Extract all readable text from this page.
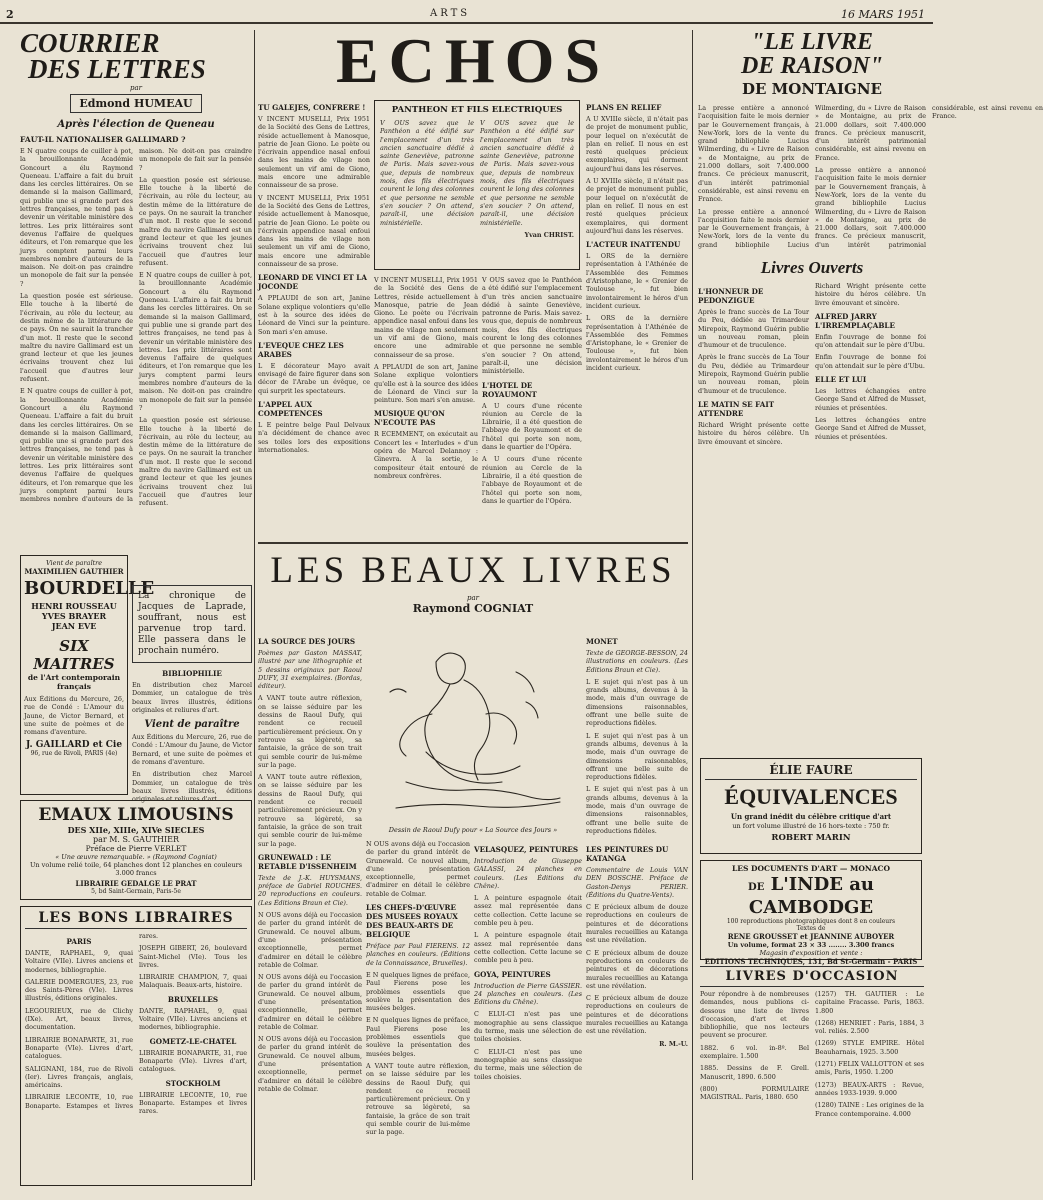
2	ARTS	16 MARS 1951
COURRIER
DES LETTRES
par
Edmond HUMEAU
Après l'élection de Queneau
FAUT-IL NATIONALISER GALLIMARD ?

E N quatre coups de cuiller à pot, la brouillonnante Académie Goncourt a élu Raymond Queneau. L'affaire a fait du bruit dans les cercles littéraires. On se demande si la maison Gallimard, qui publie une si grande part des lettres françaises, ne tend pas à devenir un véritable ministère des lettres. Les prix littéraires sont devenus l'affaire de quelques éditeurs, et l'on remarque que les jurys comptent parmi leurs membres nombre d'auteurs de la maison. Ne doit-on pas craindre un monopole de fait sur la pensée ?

La question posée est sérieuse. Elle touche à la liberté de l'écrivain, au rôle du lecteur, au destin même de la littérature de ce pays. On ne saurait la trancher d'un mot. Il reste que le second maître du navire Gallimard est un grand lecteur et que les jeunes écrivains trouvent chez lui l'accueil que d'autres leur refusent.

E N quatre coups de cuiller à pot, la brouillonnante Académie Goncourt a élu Raymond Queneau. L'affaire a fait du bruit dans les cercles littéraires. On se demande si la maison Gallimard, qui publie une si grande part des lettres françaises, ne tend pas à devenir un véritable ministère des lettres. Les prix littéraires sont devenus l'affaire de quelques éditeurs, et l'on remarque que les jurys comptent parmi leurs membres nombre d'auteurs de la maison. Ne doit-on pas craindre un monopole de fait sur la pensée ?

La question posée est sérieuse. Elle touche à la liberté de l'écrivain, au rôle du lecteur, au destin même de la littérature de ce pays. On ne saurait la trancher d'un mot. Il reste que le second maître du navire Gallimard est un grand lecteur et que les jeunes écrivains trouvent chez lui l'accueil que d'autres leur refusent.

E N quatre coups de cuiller à pot, la brouillonnante Académie Goncourt a élu Raymond Queneau. L'affaire a fait du bruit dans les cercles littéraires. On se demande si la maison Gallimard, qui publie une si grande part des lettres françaises, ne tend pas à devenir un véritable ministère des lettres. Les prix littéraires sont devenus l'affaire de quelques éditeurs, et l'on remarque que les jurys comptent parmi leurs membres nombre d'auteurs de la maison. Ne doit-on pas craindre un monopole de fait sur la pensée ?

La question posée est sérieuse. Elle touche à la liberté de l'écrivain, au rôle du lecteur, au destin même de la littérature de ce pays. On ne saurait la trancher d'un mot. Il reste que le second maître du navire Gallimard est un grand lecteur et que les jeunes écrivains trouvent chez lui l'accueil que d'autres leur refusent.

ECHOS
TU GALEJES, CONFRERE !

V INCENT MUSELLI, Prix 1951 de la Société des Gens de Lettres, réside actuellement à Manosque, patrie de Jean Giono. Le poète ou l'écrivain appendice nasal enfoui dans les mains de vilage non seulement un vif ami de Giono, mais encore une admirable connaisseur de sa prose.

V INCENT MUSELLI, Prix 1951 de la Société des Gens de Lettres, réside actuellement à Manosque, patrie de Jean Giono. Le poète ou l'écrivain appendice nasal enfoui dans les mains de vilage non seulement un vif ami de Giono, mais encore une admirable connaisseur de sa prose.

LEONARD DE VINCI ET LA JOCONDE

A PPLAUDI de son art, Janine Solane explique volontiers qu'elle est à la source des idées de Léonard de Vinci sur la peinture. Son mari s'en amuse.

L'EVEQUE CHEZ LES ARABES

L E décorateur Mayo avait envisagé de faire figurer dans son décor de l'Arabe un évêque, ce qui surprit les spectateurs.

L'APPEL AUX COMPETENCES

L E peintre belge Paul Delvaux n'a décidément de chance avec ses toiles lors des expositions internationales.

PANTHEON ET FILS ELECTRIQUES

V OUS savez que le Panthéon a été édifié sur l'emplacement d'un très ancien sanctuaire dédié à sainte Geneviève, patronne de Paris. Mais savez-vous que, depuis de nombreux mois, des fils électriques courent le long des colonnes et que personne ne semble s'en soucier ? On attend, paraît-il, une décision ministérielle.

V OUS savez que le Panthéon a été édifié sur l'emplacement d'un très ancien sanctuaire dédié à sainte Geneviève, patronne de Paris. Mais savez-vous que, depuis de nombreux mois, des fils électriques courent le long des colonnes et que personne ne semble s'en soucier ? On attend, paraît-il, une décision ministérielle.

Yvan CHRIST.

V INCENT MUSELLI, Prix 1951 de la Société des Gens de Lettres, réside actuellement à Manosque, patrie de Jean Giono. Le poète ou l'écrivain appendice nasal enfoui dans les mains de vilage non seulement un vif ami de Giono, mais encore une admirable connaisseur de sa prose.

A PPLAUDI de son art, Janine Solane explique volontiers qu'elle est à la source des idées de Léonard de Vinci sur la peinture. Son mari s'en amuse.

MUSIQUE QU'ON N'ECOUTE PAS

R ECEMMENT, on exécutait au Concert les « Interludes » d'un opéra de Marcel Delannoy : Ginevra. À la sortie, le compositeur était entouré de nombreux confrères.

V OUS savez que le Panthéon a été édifié sur l'emplacement d'un très ancien sanctuaire dédié à sainte Geneviève, patronne de Paris. Mais savez-vous que, depuis de nombreux mois, des fils électriques courent le long des colonnes et que personne ne semble s'en soucier ? On attend, paraît-il, une décision ministérielle.

L'HOTEL DE ROYAUMONT

A U cours d'une récente réunion au Cercle de la Librairie, il a été question de l'abbaye de Royaumont et de l'hôtel qui porte son nom, dans le quartier de l'Opéra.

A U cours d'une récente réunion au Cercle de la Librairie, il a été question de l'abbaye de Royaumont et de l'hôtel qui porte son nom, dans le quartier de l'Opéra.

PLANS EN RELIEF

A U XVIIIe siècle, il n'était pas de projet de monument public, pour lequel on n'exécutât de plan en relief. Il nous en est resté quelques précieux exemplaires, qui dorment aujourd'hui dans les réserves.

A U XVIIIe siècle, il n'était pas de projet de monument public, pour lequel on n'exécutât de plan en relief. Il nous en est resté quelques précieux exemplaires, qui dorment aujourd'hui dans les réserves.

L'ACTEUR INATTENDU

L ORS de la dernière représentation à l'Athénée de l'Assemblée des Femmes d'Aristophane, le « Grenier de Toulouse », fut bien involontairement le héros d'un incident curieux.

L ORS de la dernière représentation à l'Athénée de l'Assemblée des Femmes d'Aristophane, le « Grenier de Toulouse », fut bien involontairement le héros d'un incident curieux.

"LE LIVRE
DE RAISON"
DE MONTAIGNE

La presse entière a annoncé l'acquisition faite le mois dernier par le Gouvernement français, à New-York, lors de la vente du grand bibliophile Lucius Wilmerding, du « Livre de Raison » de Montaigne, au prix de 21.000 dollars, soit 7.400.000 francs. Ce précieux manuscrit, d'un intérêt patrimonial considérable, est ainsi revenu en France.

La presse entière a annoncé l'acquisition faite le mois dernier par le Gouvernement français, à New-York, lors de la vente du grand bibliophile Lucius Wilmerding, du « Livre de Raison » de Montaigne, au prix de 21.000 dollars, soit 7.400.000 francs. Ce précieux manuscrit, d'un intérêt patrimonial considérable, est ainsi revenu en France.

La presse entière a annoncé l'acquisition faite le mois dernier par le Gouvernement français, à New-York, lors de la vente du grand bibliophile Lucius Wilmerding, du « Livre de Raison » de Montaigne, au prix de 21.000 dollars, soit 7.400.000 francs. Ce précieux manuscrit, d'un intérêt patrimonial considérable, est ainsi revenu en France.

Livres Ouverts
L'HONNEUR DE PEDONZIGUE

Après le franc succès de La Tour du Peu, dédiée au Trimardeur Mirepoix, Raymond Guérin publie un nouveau roman, plein d'humour et de truculence.

Après le franc succès de La Tour du Peu, dédiée au Trimardeur Mirepoix, Raymond Guérin publie un nouveau roman, plein d'humour et de truculence.

LE MATIN SE FAIT ATTENDRE

Richard Wright présente cette histoire du héros célèbre. Un livre émouvant et sincère.

Richard Wright présente cette histoire du héros célèbre. Un livre émouvant et sincère.

ALFRED JARRY L'IRREMPLAÇABLE

Enfin l'ouvrage de bonne foi qu'on attendait sur le père d'Ubu.

Enfin l'ouvrage de bonne foi qu'on attendait sur le père d'Ubu.

ELLE ET LUI

Les lettres échangées entre George Sand et Alfred de Musset, réunies et présentées.

Les lettres échangées entre George Sand et Alfred de Musset, réunies et présentées.

ÉLIE FAURE
ÉQUIVALENCES
Un grand inédit du célèbre critique d'art
un fort volume illustré de 16 hors-texte : 750 fr.
ROBERT MARIN
LES DOCUMENTS D'ART — MONACO
DE L'INDE au CAMBODGE
100 reproductions photographiques dont 8 en couleurs
Textes de
RENE GROUSSET et JEANNINE AUBOYER
Un volume, format 23 × 33 ........ 3.300 francs
Magasin d'exposition et vente :
EDITIONS TECHNIQUES, 131, Bd St-Germain - PARIS
LIVRES D'OCCASION

Pour répondre à de nombreuses demandes, nous publions ci-dessous une liste de livres d'occasion, d'art et de bibliophilie, que nos lecteurs peuvent se procurer.

1882. 6 vol. in-8º. Bel exemplaire. 1.500

1885. Dessins de F. Grell. Manuscrit, 1890. 6.500

(800) FORMULAIRE MAGISTRAL. Paris, 1880. 650

(1257) TH. GAUTIER : Le capitaine Fracasse. Paris, 1863. 1.800

(1268) HENRIET : Paris, 1884, 3 vol. reliés. 2.500

(1269) STYLE EMPIRE. Hôtel Beauharnais, 1925. 3.500

(1271) FELIX VALLOTTON et ses amis, Paris, 1950. 1.200

(1273) BEAUX-ARTS : Revue, années 1933-1939. 9.000

(1280) TAINE : Les origines de la France contemporaine. 4.000

Vient de paraître
MAXIMILIEN GAUTHIER
BOURDELLE
HENRI ROUSSEAU
YVES BRAYER
JEAN EVE
SIX MAITRES
de l'Art contemporain français

Aux Éditions du Mercure, 26, rue de Condé : L'Amour du Jaune, de Victor Bernard, et une suite de poèmes et de romans d'aventure.

J. GAILLARD et Cie
96, rue de Rivoli, PARIS (4e)
La chronique de Jacques de Laprade, souffrant, nous est parvenue trop tard. Elle passera dans le prochain numéro.
BIBLIOPHILIE

En distribution chez Marcel Dommier, un catalogue de très beaux livres illustrés, éditions originales et reliures d'art.

Vient de paraître

Aux Éditions du Mercure, 26, rue de Condé : L'Amour du Jaune, de Victor Bernard, et une suite de poèmes et de romans d'aventure.

En distribution chez Marcel Dommier, un catalogue de très beaux livres illustrés, éditions originales et reliures d'art.

EMAUX LIMOUSINS
DES XIIe, XIIIe, XIVe SIECLES
par M. S. GAUTHIER
Préface de Pierre VERLET
« Une œuvre remarquable. » (Raymond Cogniat)
Un volume relié toile, 64 planches dont 12 planches en couleurs 3.000 francs
LIBRAIRIE GEDALGE LE PRAT
5, bd Saint-Germain, Paris-5e
LES BONS LIBRAIRES
PARIS

DANTE, RAPHAEL, 9, quai Voltaire (VIIe). Livres anciens et modernes, bibliographie.

GALERIE DOMERGUES, 23, rue des Saints-Pères (VIe). Livres illustrés, éditions originales.

LEGOURIEUX, rue de Clichy (IXe). Art, beaux livres, documentation.

LIBRAIRIE BONAPARTE, 31, rue Bonaparte (VIe). Livres d'art, catalogues.

SALIGNANI, 184, rue de Rivoli (Ier). Livres français, anglais, américains.

LIBRAIRIE LECONTE, 10, rue Bonaparte. Estampes et livres rares.

JOSEPH GIBERT, 26, boulevard Saint-Michel (VIe). Tous les livres.

LIBRAIRIE CHAMPION, 7, quai Malaquais. Beaux-arts, histoire.

BRUXELLES

DANTE, RAPHAEL, 9, quai Voltaire (VIIe). Livres anciens et modernes, bibliographie.

GOMETZ-LE-CHATEL

LIBRAIRIE BONAPARTE, 31, rue Bonaparte (VIe). Livres d'art, catalogues.

STOCKHOLM

LIBRAIRIE LECONTE, 10, rue Bonaparte. Estampes et livres rares.

LES BEAUX LIVRES
par
Raymond COGNIAT
LA SOURCE DES JOURS

Poèmes par Gaston MASSAT, illustré par une lithographie et 5 dessins originaux par Raoul DUFY, 31 exemplaires. (Bordas, éditeur).

A VANT toute autre réflexion, on se laisse séduire par les dessins de Raoul Dufy, qui rendent ce recueil particulièrement précieux. On y retrouve sa légèreté, sa fantaisie, la grâce de son trait qui semble courir de lui-même sur la page.

A VANT toute autre réflexion, on se laisse séduire par les dessins de Raoul Dufy, qui rendent ce recueil particulièrement précieux. On y retrouve sa légèreté, sa fantaisie, la grâce de son trait qui semble courir de lui-même sur la page.

GRUNEWALD : LE RETABLE D'ISSENHEIM

Texte de J.-K. HUYSMANS, préface de Gabriel ROUCHES. 20 reproductions en couleurs. (Les Éditions Braun et Cie).

N OUS avons déjà eu l'occasion de parler du grand intérêt de Grunewald. Ce nouvel album, d'une présentation exceptionnelle, permet d'admirer en détail le célèbre retable de Colmar.

N OUS avons déjà eu l'occasion de parler du grand intérêt de Grunewald. Ce nouvel album, d'une présentation exceptionnelle, permet d'admirer en détail le célèbre retable de Colmar.

N OUS avons déjà eu l'occasion de parler du grand intérêt de Grunewald. Ce nouvel album, d'une présentation exceptionnelle, permet d'admirer en détail le célèbre retable de Colmar.

Dessin de Raoul Dufy pour « La Source des Jours »
MONET

Texte de GEORGE-BESSON, 24 illustrations en couleurs. (Les Éditions Braun et Cie).

L E sujet qui n'est pas à un grands albums, devenus à la mode, mais d'un ouvrage de dimensions raisonnables, offrant une belle suite de reproductions fidèles.

L E sujet qui n'est pas à un grands albums, devenus à la mode, mais d'un ouvrage de dimensions raisonnables, offrant une belle suite de reproductions fidèles.

L E sujet qui n'est pas à un grands albums, devenus à la mode, mais d'un ouvrage de dimensions raisonnables, offrant une belle suite de reproductions fidèles.

N OUS avons déjà eu l'occasion de parler du grand intérêt de Grunewald. Ce nouvel album, d'une présentation exceptionnelle, permet d'admirer en détail le célèbre retable de Colmar.

LES CHEFS-D'ŒUVRE DES MUSEES ROYAUX DES BEAUX-ARTS DE BELGIQUE

Préface par Paul FIERENS. 12 planches en couleurs. (Éditions de la Connaissance, Bruxelles).

E N quelques lignes de préface, Paul Fierens pose les problèmes essentiels que soulève la présentation des musées belges.

E N quelques lignes de préface, Paul Fierens pose les problèmes essentiels que soulève la présentation des musées belges.

A VANT toute autre réflexion, on se laisse séduire par les dessins de Raoul Dufy, qui rendent ce recueil particulièrement précieux. On y retrouve sa légèreté, sa fantaisie, la grâce de son trait qui semble courir de lui-même sur la page.

VELASQUEZ, PEINTURES

Introduction de Giuseppe GALASSI, 24 planches en couleurs. (Les Éditions du Chêne).

L A peinture espagnole était assez mal représentée dans cette collection. Cette lacune se comble peu à peu.

L A peinture espagnole était assez mal représentée dans cette collection. Cette lacune se comble peu à peu.

GOYA, PEINTURES

Introduction de Pierre GASSIER. 24 planches en couleurs. (Les Éditions du Chêne).

C ELUI-CI n'est pas une monographie au sens classique du terme, mais une sélection de toiles choisies.

C ELUI-CI n'est pas une monographie au sens classique du terme, mais une sélection de toiles choisies.

LES PEINTURES DU KATANGA

Commentaire de Louis VAN DEN BOSSCHE. Préface de Gaston-Denys PERIER. (Éditions du Quatre-Vents).

C E précieux album de douze reproductions en couleurs de peintures et de décorations murales recueillies au Katanga est une révélation.

C E précieux album de douze reproductions en couleurs de peintures et de décorations murales recueillies au Katanga est une révélation.

C E précieux album de douze reproductions en couleurs de peintures et de décorations murales recueillies au Katanga est une révélation.

R. M.-U.
